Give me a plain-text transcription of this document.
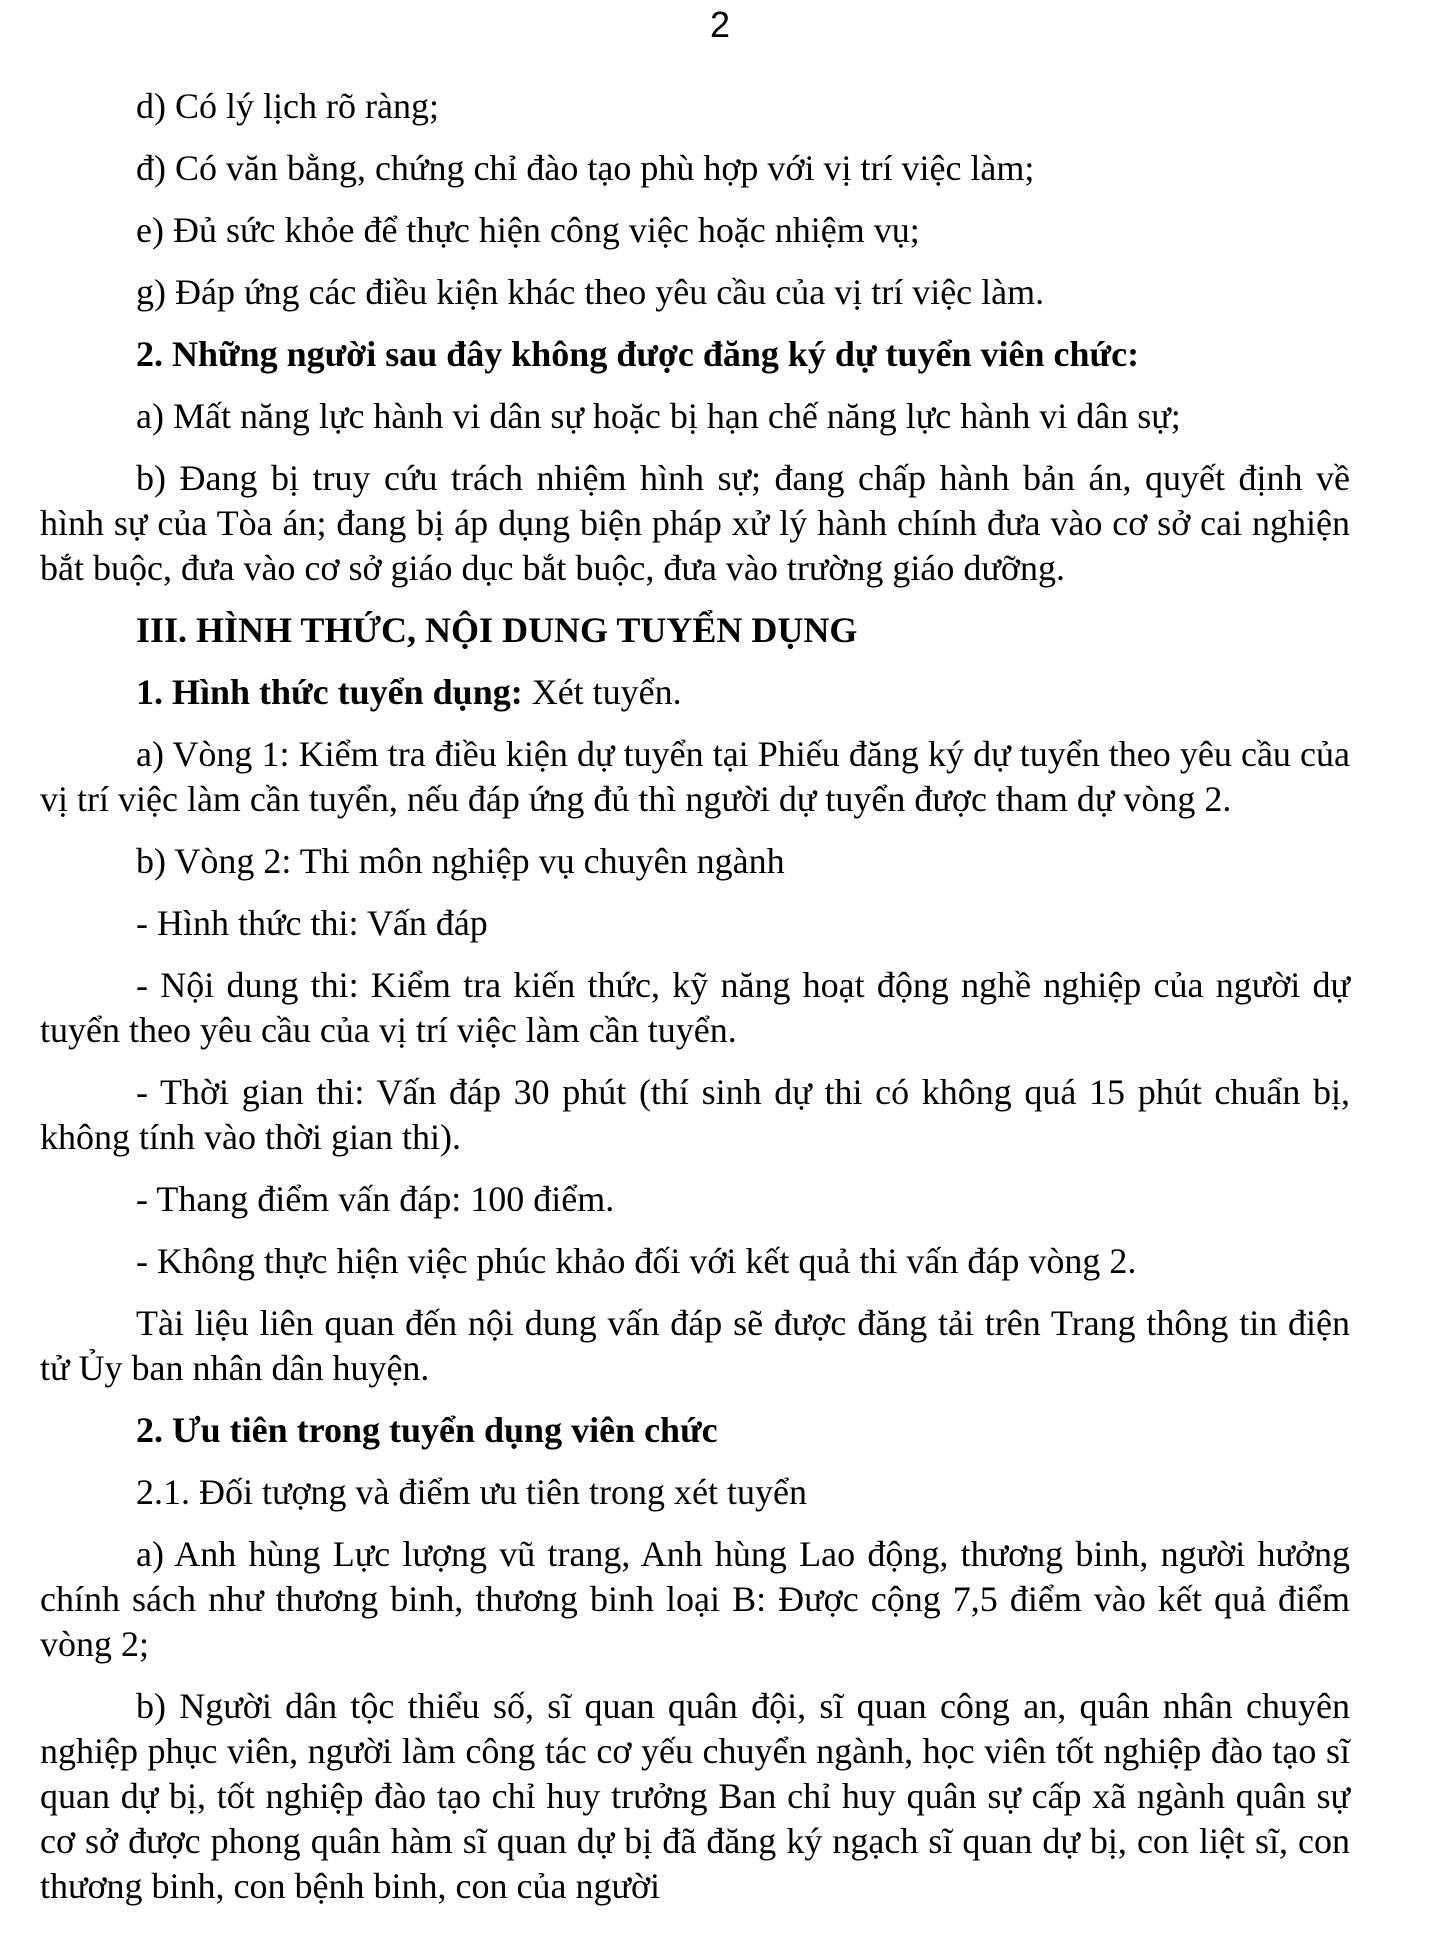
2

d) Có lý lịch rõ ràng;

đ) Có văn bằng, chứng chỉ đào tạo phù hợp với vị trí việc làm;

e) Đủ sức khỏe để thực hiện công việc hoặc nhiệm vụ;

g) Đáp ứng các điều kiện khác theo yêu cầu của vị trí việc làm.

2. Những người sau đây không được đăng ký dự tuyển viên chức:

a) Mất năng lực hành vi dân sự hoặc bị hạn chế năng lực hành vi dân sự;

b) Đang bị truy cứu trách nhiệm hình sự; đang chấp hành bản án, quyết định về hình sự của Tòa án; đang bị áp dụng biện pháp xử lý hành chính đưa vào cơ sở cai nghiện bắt buộc, đưa vào cơ sở giáo dục bắt buộc, đưa vào trường giáo dưỡng.

III. HÌNH THỨC, NỘI DUNG TUYỂN DỤNG

1. Hình thức tuyển dụng: Xét tuyển.

a) Vòng 1: Kiểm tra điều kiện dự tuyển tại Phiếu đăng ký dự tuyển theo yêu cầu của vị trí việc làm cần tuyển, nếu đáp ứng đủ thì người dự tuyển được tham dự vòng 2.

b) Vòng 2: Thi môn nghiệp vụ chuyên ngành

- Hình thức thi: Vấn đáp

- Nội dung thi: Kiểm tra kiến thức, kỹ năng hoạt động nghề nghiệp của người dự tuyển theo yêu cầu của vị trí việc làm cần tuyển.

- Thời gian thi: Vấn đáp 30 phút (thí sinh dự thi có không quá 15 phút chuẩn bị, không tính vào thời gian thi).

- Thang điểm vấn đáp: 100 điểm.

- Không thực hiện việc phúc khảo đối với kết quả thi vấn đáp vòng 2.

Tài liệu liên quan đến nội dung vấn đáp sẽ được đăng tải trên Trang thông tin điện tử Ủy ban nhân dân huyện.

2. Ưu tiên trong tuyển dụng viên chức

2.1. Đối tượng và điểm ưu tiên trong xét tuyển

a) Anh hùng Lực lượng vũ trang, Anh hùng Lao động, thương binh, người hưởng chính sách như thương binh, thương binh loại B: Được cộng 7,5 điểm vào kết quả điểm vòng 2;

b) Người dân tộc thiểu số, sĩ quan quân đội, sĩ quan công an, quân nhân chuyên nghiệp phục viên, người làm công tác cơ yếu chuyển ngành, học viên tốt nghiệp đào tạo sĩ quan dự bị, tốt nghiệp đào tạo chỉ huy trưởng Ban chỉ huy quân sự cấp xã ngành quân sự cơ sở được phong quân hàm sĩ quan dự bị đã đăng ký ngạch sĩ quan dự bị, con liệt sĩ, con thương binh, con bệnh binh, con của người
